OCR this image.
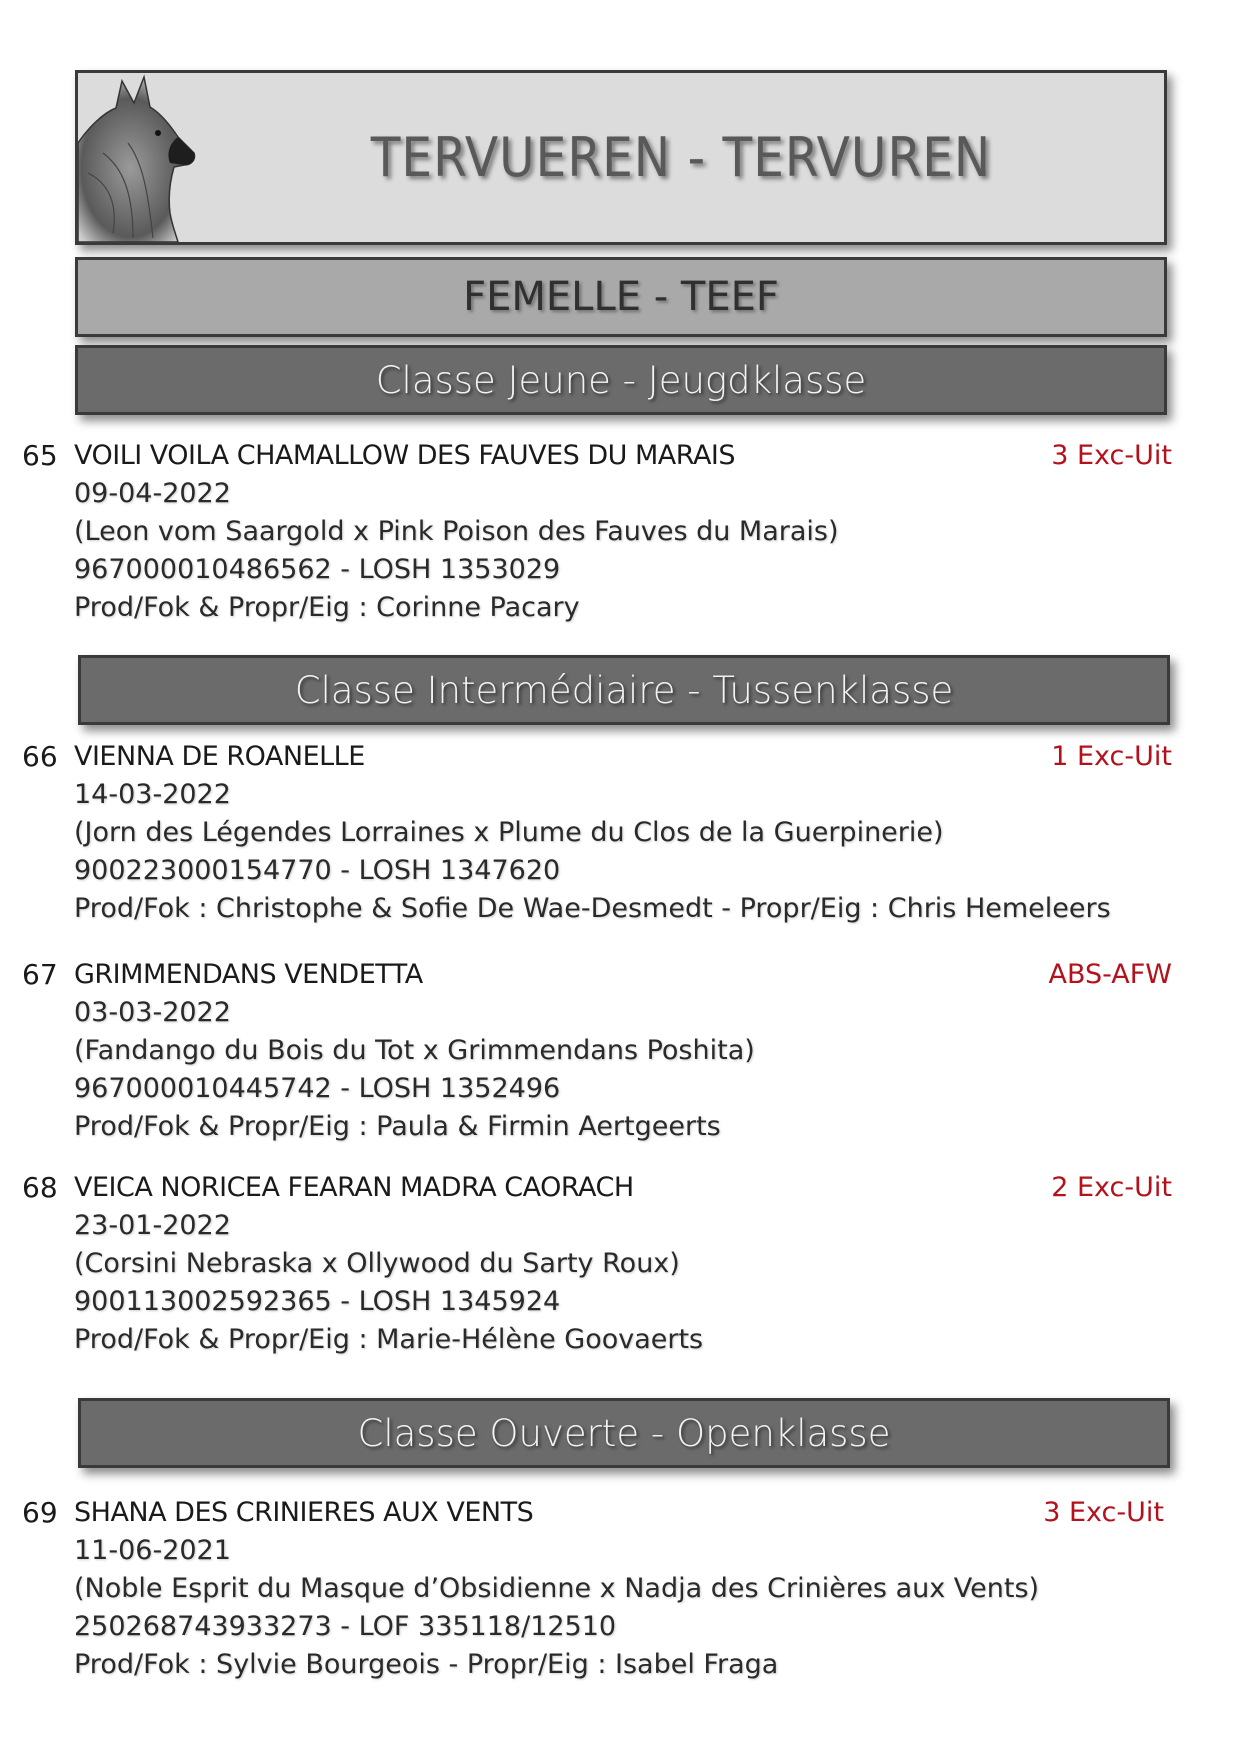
TERVUEREN - TERVUREN
FEMELLE - TEEF
Classe Jeune - Jeugdklasse
65 VOILI VOILA CHAMALLOW DES FAUVES DU MARAIS	3 Exc-Uit
09-04-2022
(Leon vom Saargold x Pink Poison des Fauves du Marais)
967000010486562 - LOSH 1353029
Prod/Fok & Propr/Eig : Corinne Pacary
Classe Intermédiaire - Tussenklasse
66 VIENNA DE ROANELLE	1 Exc-Uit
14-03-2022
(Jorn des Légendes Lorraines x Plume du Clos de la Guerpinerie)
900223000154770 - LOSH 1347620
Prod/Fok : Christophe & Sofie De Wae-Desmedt - Propr/Eig : Chris Hemeleers
67 GRIMMENDANS VENDETTA	ABS-AFW
03-03-2022
(Fandango du Bois du Tot x Grimmendans Poshita)
967000010445742 - LOSH 1352496
Prod/Fok & Propr/Eig : Paula & Firmin Aertgeerts
68 VEICA NORICEA FEARAN MADRA CAORACH	2 Exc-Uit
23-01-2022
(Corsini Nebraska x Ollywood du Sarty Roux)
900113002592365 - LOSH 1345924
Prod/Fok & Propr/Eig : Marie-Hélène Goovaerts
Classe Ouverte - Openklasse
69 SHANA DES CRINIERES AUX VENTS	3 Exc-Uit
11-06-2021
(Noble Esprit du Masque d’Obsidienne x Nadja des Crinières aux Vents)
250268743933273 - LOF 335118/12510
Prod/Fok : Sylvie Bourgeois - Propr/Eig : Isabel Fraga
